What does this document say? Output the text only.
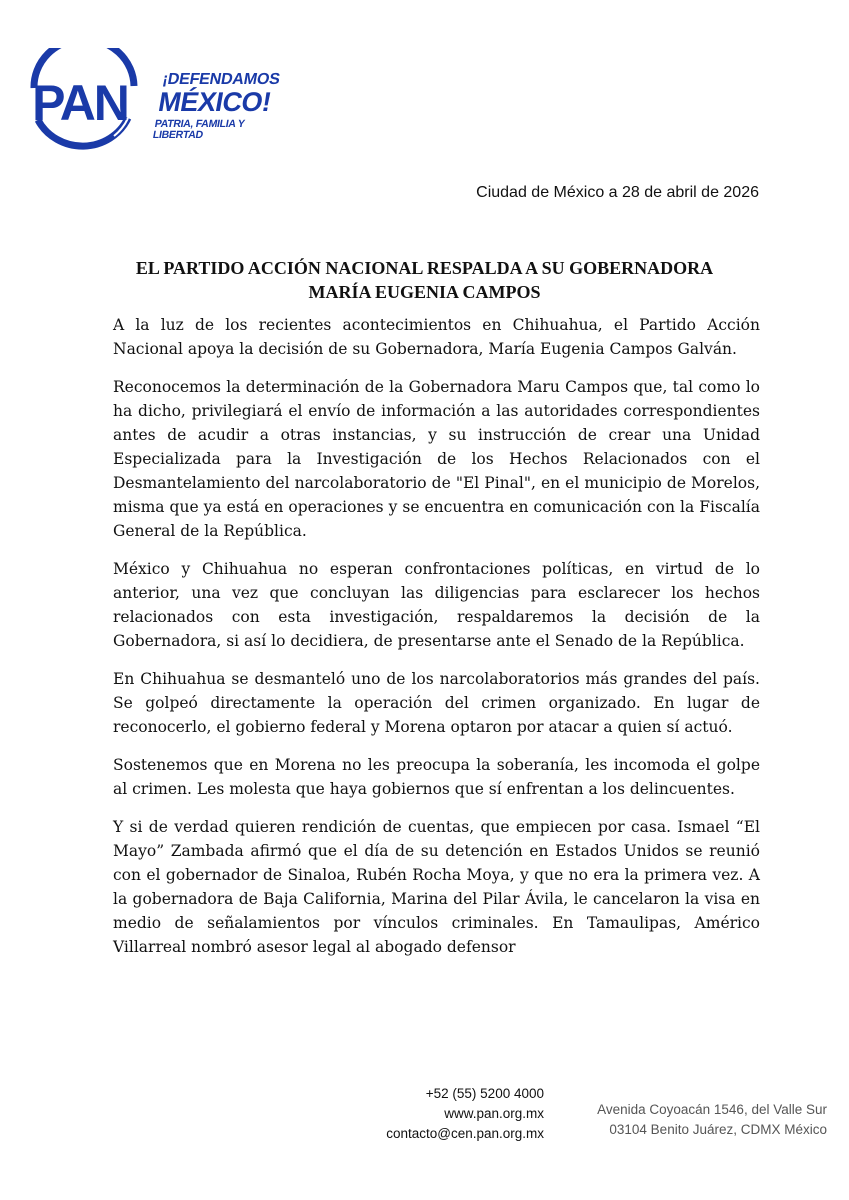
PAN ¡DEFENDAMOS
MÉXICO!
PATRIA, FAMILIA Y LIBERTAD
Ciudad de México a 28 de abril de 2026
EL PARTIDO ACCIÓN NACIONAL RESPALDA A SU GOBERNADORA
MARÍA EUGENIA CAMPOS

A la luz de los recientes acontecimientos en Chihuahua, el Partido Acción Nacional apoya la decisión de su Gobernadora, María Eugenia Campos Galván.

Reconocemos la determinación de la Gobernadora Maru Campos que, tal como lo ha dicho, privilegiará el envío de información a las autoridades correspondientes antes de acudir a otras instancias, y su instrucción de crear una Unidad Especializada para la Investigación de los Hechos Relacionados con el Desmantelamiento del narcolaboratorio de "El Pinal", en el municipio de Morelos, misma que ya está en operaciones y se encuentra en comunicación con la Fiscalía General de la República.

México y Chihuahua no esperan confrontaciones políticas, en virtud de lo anterior, una vez que concluyan las diligencias para esclarecer los hechos relacionados con esta investigación, respaldaremos la decisión de la Gobernadora, si así lo decidiera, de presentarse ante el Senado de la República.

En Chihuahua se desmanteló uno de los narcolaboratorios más grandes del país. Se golpeó directamente la operación del crimen organizado. En lugar de reconocerlo, el gobierno federal y Morena optaron por atacar a quien sí actuó.

Sostenemos que en Morena no les preocupa la soberanía, les incomoda el golpe al crimen. Les molesta que haya gobiernos que sí enfrentan a los delincuentes.

Y si de verdad quieren rendición de cuentas, que empiecen por casa. Ismael “El Mayo” Zambada afirmó que el día de su detención en Estados Unidos se reunió con el gobernador de Sinaloa, Rubén Rocha Moya, y que no era la primera vez. A la gobernadora de Baja California, Marina del Pilar Ávila, le cancelaron la visa en medio de señalamientos por vínculos criminales. En Tamaulipas, Américo Villarreal nombró asesor legal al abogado defensor

+52 (55) 5200 4000
www.pan.org.mx
contacto@cen.pan.org.mx
Avenida Coyoacán 1546, del Valle Sur
03104 Benito Juárez, CDMX México
